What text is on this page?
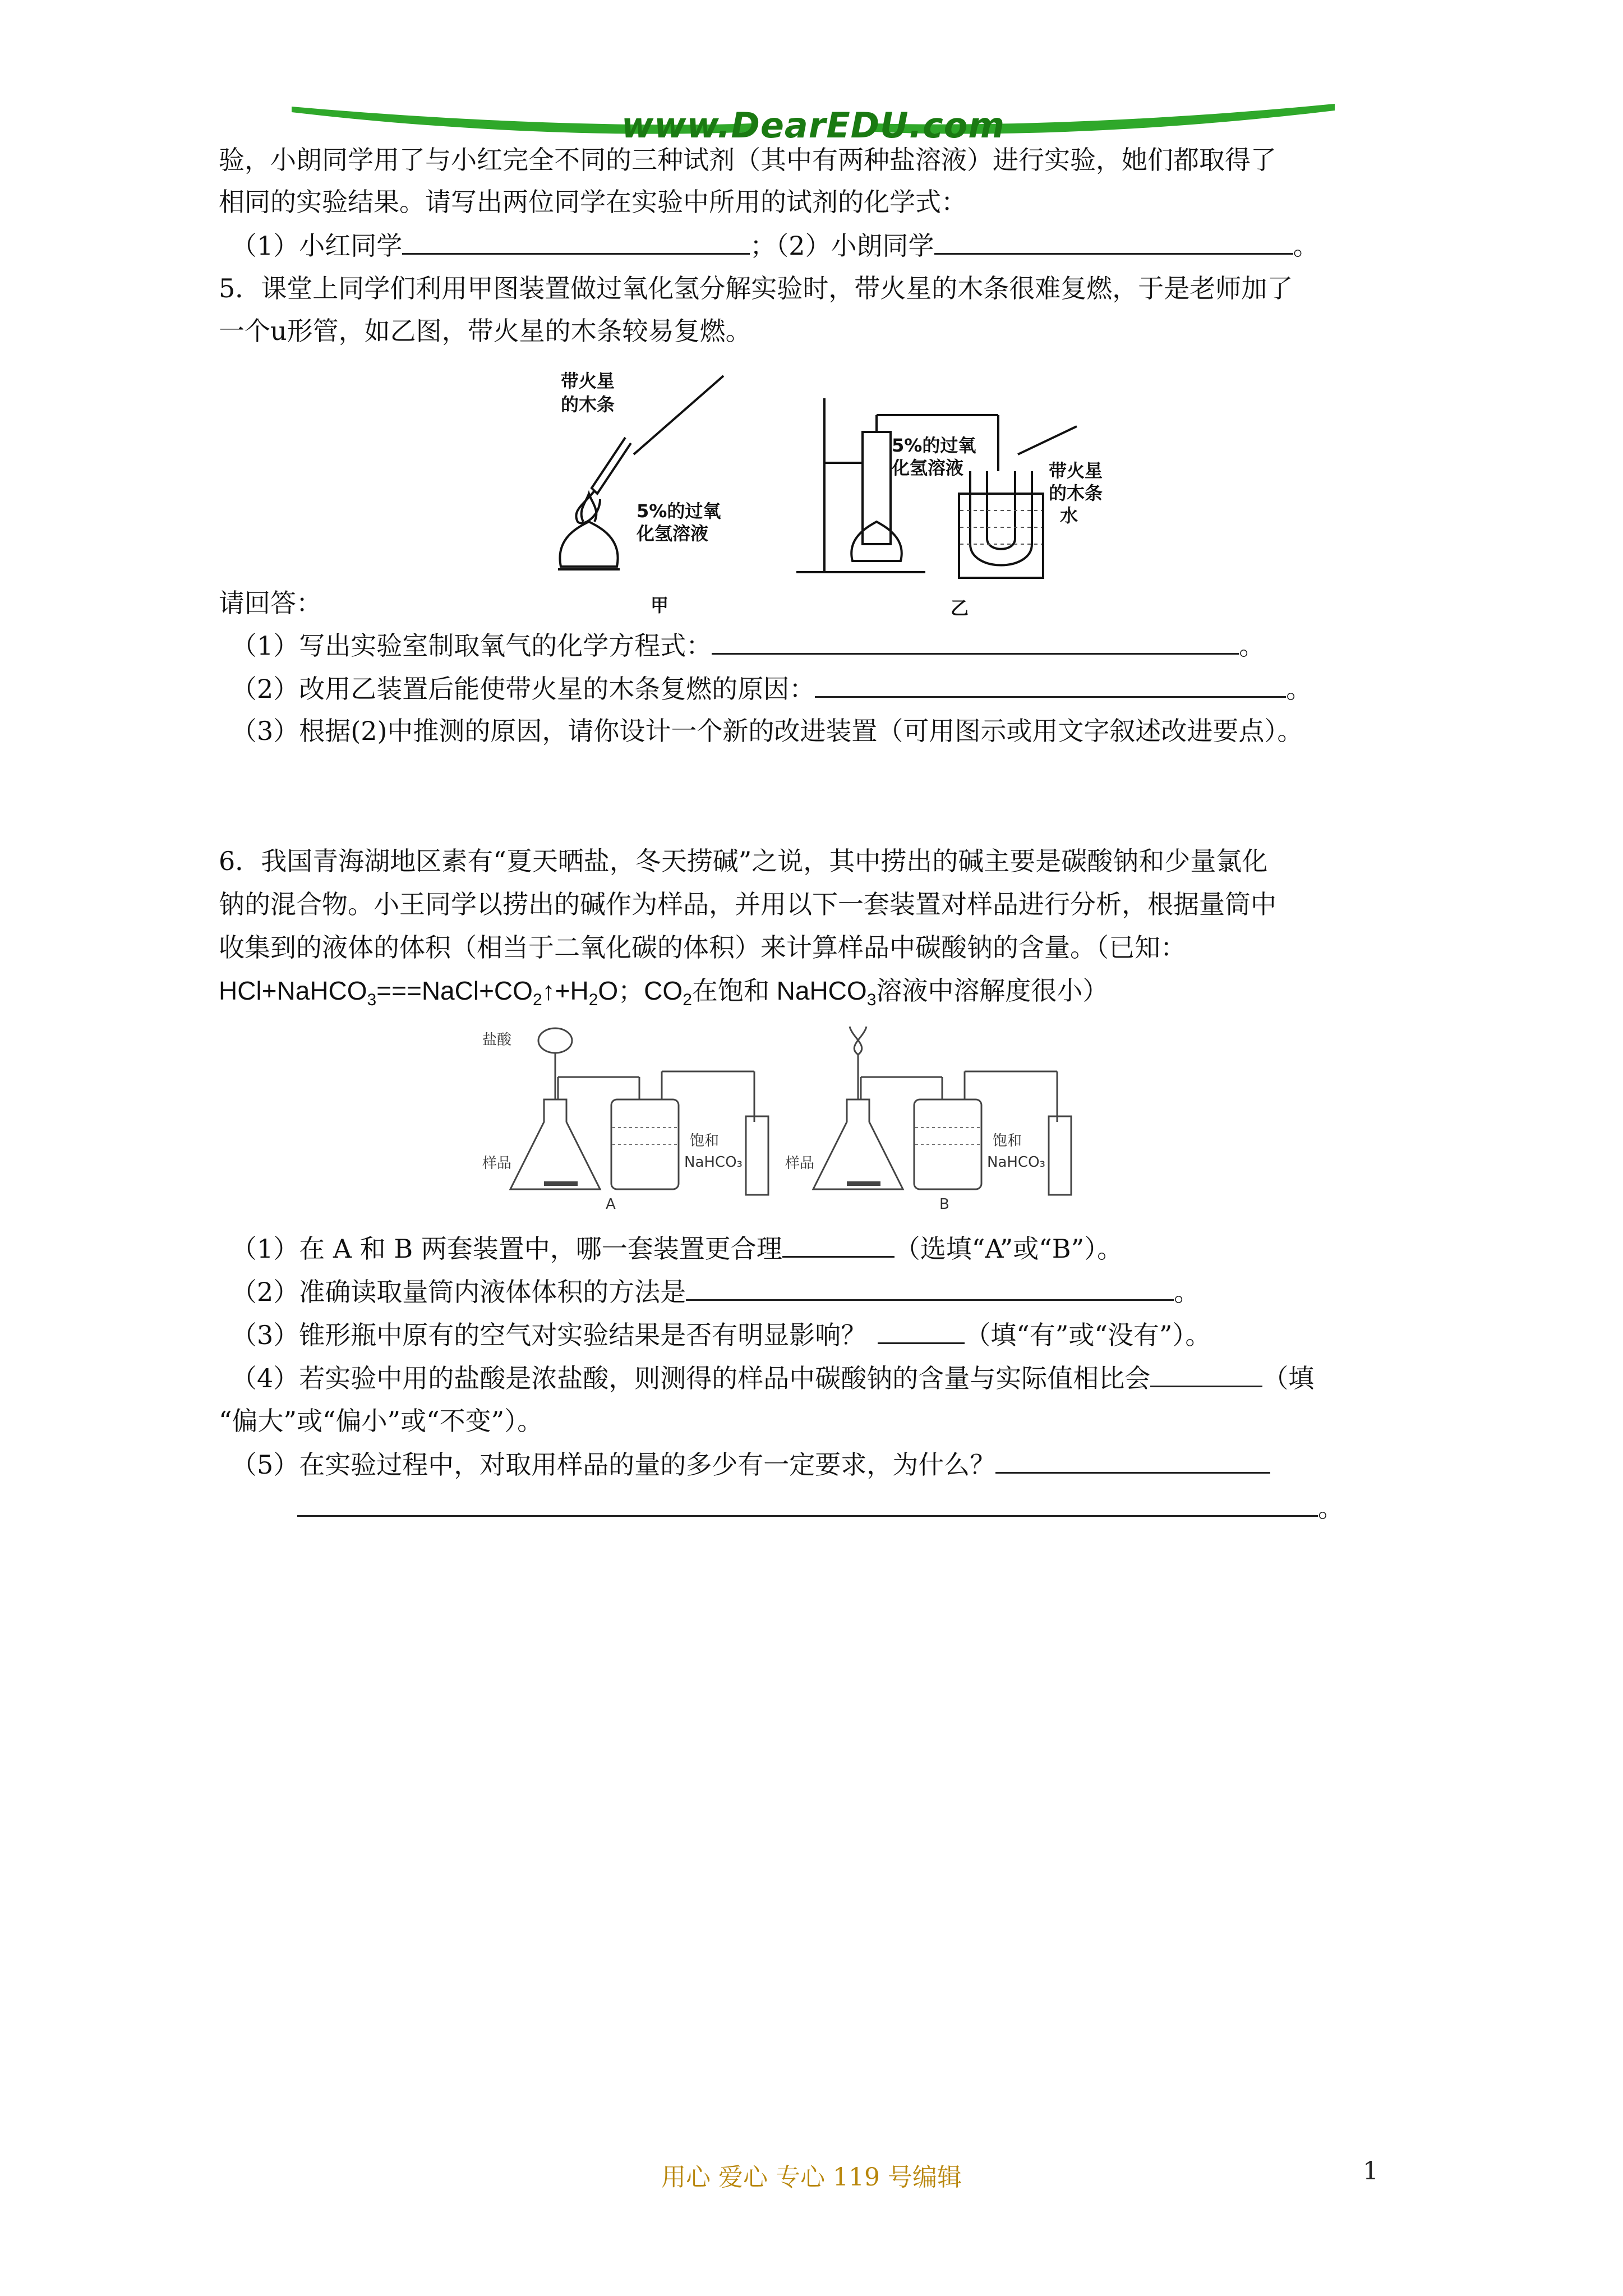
www.DearEDU.com
验，小朗同学用了与小红完全不同的三种试剂（其中有两种盐溶液）进行实验，她们都取得了
相同的实验结果。请写出两位同学在实验中所用的试剂的化学式：
（1）小红同学	；（2）小朗同学	。
5．课堂上同学们利用甲图装置做过氧化氢分解实验时，带火星的木条很难复燃，于是老师加了
一个u形管，如乙图，带火星的木条较易复燃。
带火星
的木条
5%的过氧
化氢溶液
甲
5%的过氧
化氢溶液	带火星
的木条
水
乙
请回答：
（1）写出实验室制取氧气的化学方程式：	。
（2）改用乙装置后能使带火星的木条复燃的原因：	。
（3）根据(2)中推测的原因，请你设计一个新的改进装置（可用图示或用文字叙述改进要点）。
6．我国青海湖地区素有“夏天晒盐，冬天捞碱”之说，其中捞出的碱主要是碳酸钠和少量氯化
钠的混合物。小王同学以捞出的碱作为样品，并用以下一套装置对样品进行分析，根据量筒中
收集到的液体的体积（相当于二氧化碳的体积）来计算样品中碳酸钠的含量。（已知：
$HCl+NaHCO_3===NaCl+CO_2↑+H_2O$；$CO_2$在饱和 NaHCO$_3$溶液中溶解度很小）
盐酸
样品
饱和
NaHCO₃
A
样品
饱和
NaHCO₃
B
（1）在 A 和 B 两套装置中，哪一套装置更合理	（选填“A”或“B”）。
（2）准确读取量筒内液体体积的方法是	。
（3）锥形瓶中原有的空气对实验结果是否有明显影响？	（填“有”或“没有”）。
（4）若实验中用的盐酸是浓盐酸，则测得的样品中碳酸钠的含量与实际值相比会	（填
“偏大”或“偏小”或“不变”）。
（5）在实验过程中，对取用样品的量的多少有一定要求，为什么？
。
用心 爱心 专心 119 号编辑	1
